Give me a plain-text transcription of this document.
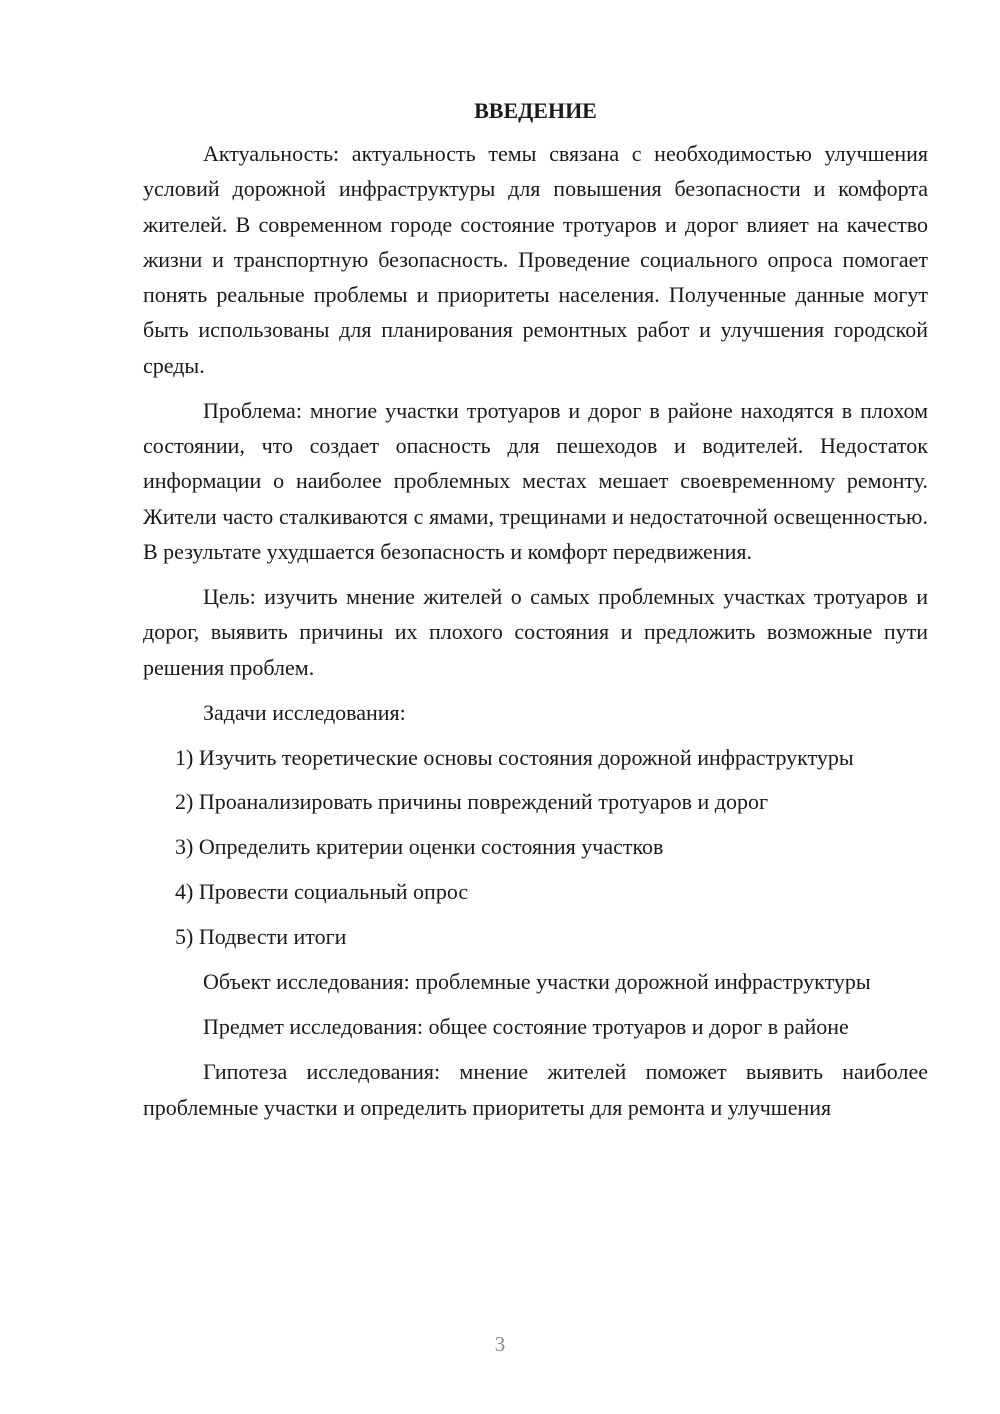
ВВЕДЕНИЕ

Актуальность: актуальность темы связана с необходимостью улучшения условий дорожной инфраструктуры для повышения безопасности и комфорта жителей. В современном городе состояние тротуаров и дорог влияет на качество жизни и транспортную безопасность. Проведение социального опроса помогает понять реальные проблемы и приоритеты населения. Полученные данные могут быть использованы для планирования ремонтных работ и улучшения городской среды.

Проблема: многие участки тротуаров и дорог в районе находятся в плохом состоянии, что создает опасность для пешеходов и водителей. Недостаток информации о наиболее проблемных местах мешает своевременному ремонту. Жители часто сталкиваются с ямами, трещинами и недостаточной освещенностью. В результате ухудшается безопасность и комфорт передвижения.

Цель: изучить мнение жителей о самых проблемных участках тротуаров и дорог, выявить причины их плохого состояния и предложить возможные пути решения проблем.

Задачи исследования:

1) Изучить теоретические основы состояния дорожной инфраструктуры

2) Проанализировать причины повреждений тротуаров и дорог

3) Определить критерии оценки состояния участков

4) Провести социальный опрос

5) Подвести итоги

Объект исследования: проблемные участки дорожной инфраструктуры

Предмет исследования: общее состояние тротуаров и дорог в районе

Гипотеза исследования: мнение жителей поможет выявить наиболее проблемные участки и определить приоритеты для ремонта и улучшения

3
